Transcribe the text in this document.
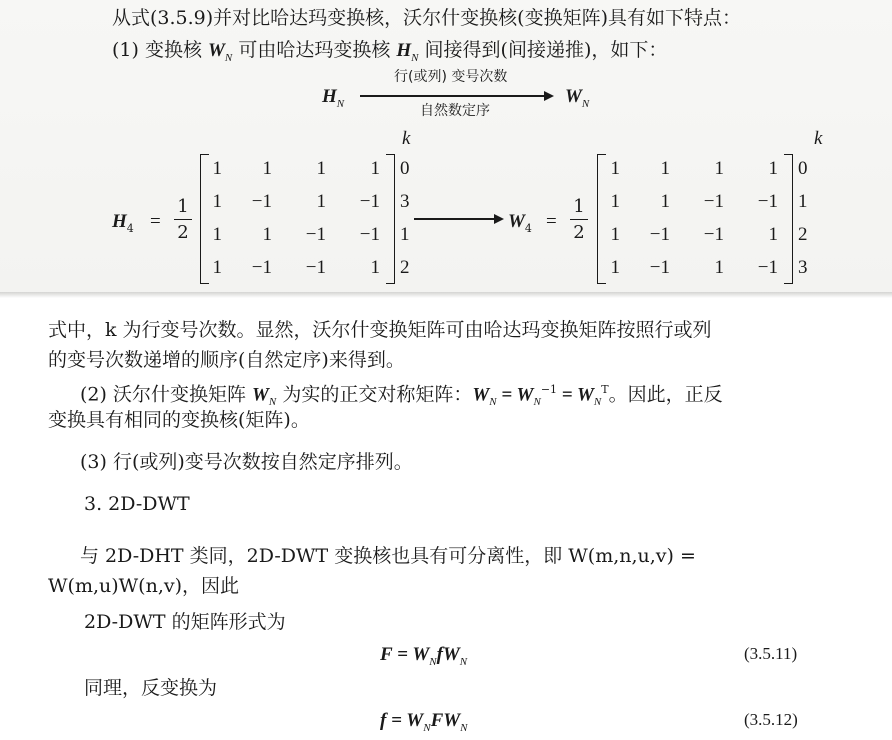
从式(3.5.9)并对比哈达玛变换核，沃尔什变换核(变换矩阵)具有如下特点：
(1) 变换核 $W_N$ 可由哈达玛变换核 $H_N$ 间接得到(间接递推)，如下：
$H_N$
行(或列) 变号次数
自然数定序
$W_N$
k
$H_4$ =
1
2
1	1	1	1 0
1	−1	1	−1 3
1	1	−1	−1 1
1	−1	−1	1 2
k
$W_4$ =
1
2
1	1	1	1 0
1	1	−1	−1 1
1	−1	−1	1 2
1	−1	1	−1 3
式中，k 为行变号次数。显然，沃尔什变换矩阵可由哈达玛变换矩阵按照行或列
的变号次数递增的顺序(自然定序)来得到。
(2) 沃尔什变换矩阵 $W_N$ 为实的正交对称矩阵：$W_N = W_N^{-1} = W_N^T$。因此，正反
变换具有相同的变换核(矩阵)。
(3) 行(或列)变号次数按自然定序排列。
3. 2D-DWT
与 2D-DHT 类同，2D-DWT 变换核也具有可分离性，即 W(m,n,u,v) =
W(m,u)W(n,v)，因此
2D-DWT 的矩阵形式为
$F = W_NfW_N$	(3.5.11)
同理，反变换为
$f = W_NFW_N$	(3.5.12)
